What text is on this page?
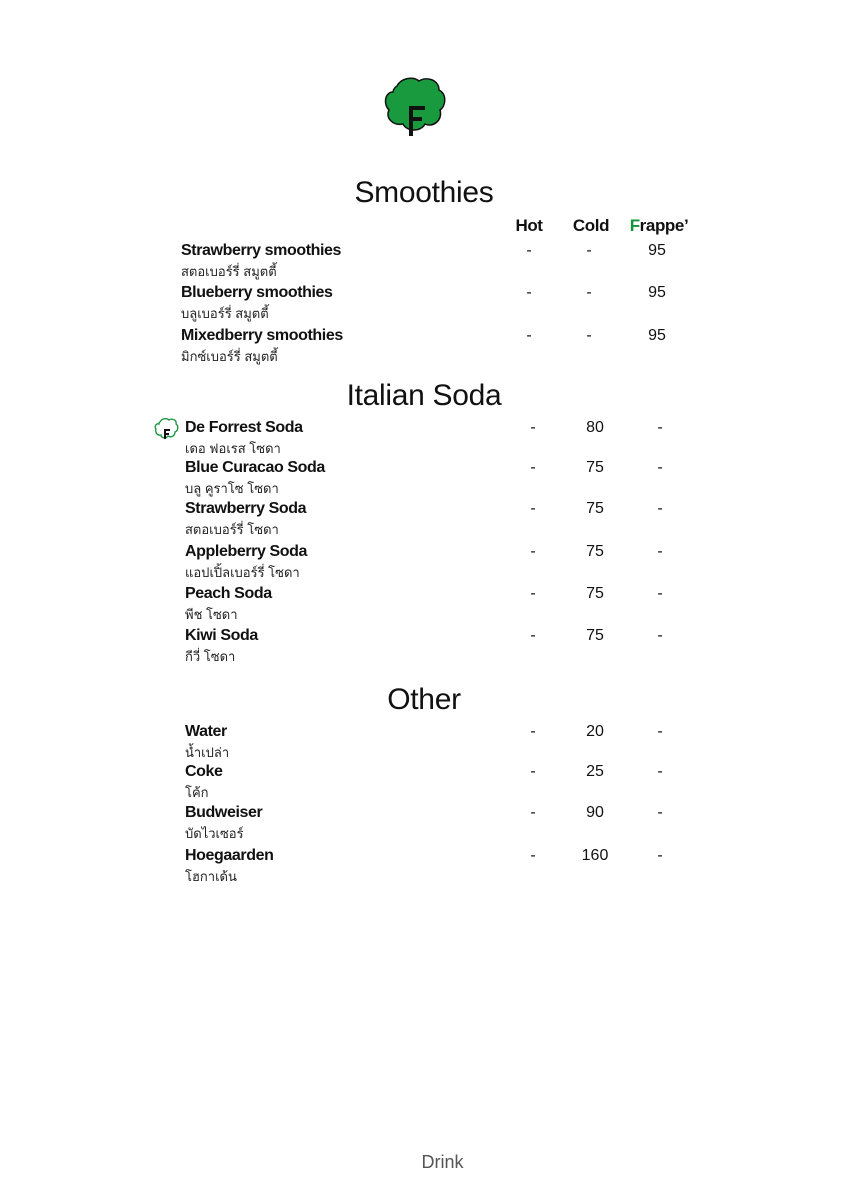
Smoothies
Italian Soda
Other
Hot	Cold	Frappe’
Strawberry smoothies
สตอเบอร์รี่ สมูตตี้
-	-	95
Blueberry smoothies
บลูเบอร์รี่ สมูตตี้
-	-	95
Mixedberry smoothies
มิกซ์เบอร์รี่ สมูตตี้
-	-	95
De Forrest Soda
เดอ ฟอเรส โซดา
-	80	-
Blue Curacao Soda
บลู คูราโซ โซดา
-	75	-
Strawberry Soda
สตอเบอร์รี่ โซดา
-	75	-
Appleberry Soda
แอปเปิ้ลเบอร์รี่ โซดา
-	75	-
Peach Soda
พีช โซดา
-	75	-
Kiwi Soda
กีวี่ โซดา
-	75	-
Water
น้ำเปล่า
-	20	-
Coke
โค้ก
-	25	-
Budweiser
บัดไวเซอร์
-	90	-
Hoegaarden
โฮกาเด้น
-	160	-
Drink
